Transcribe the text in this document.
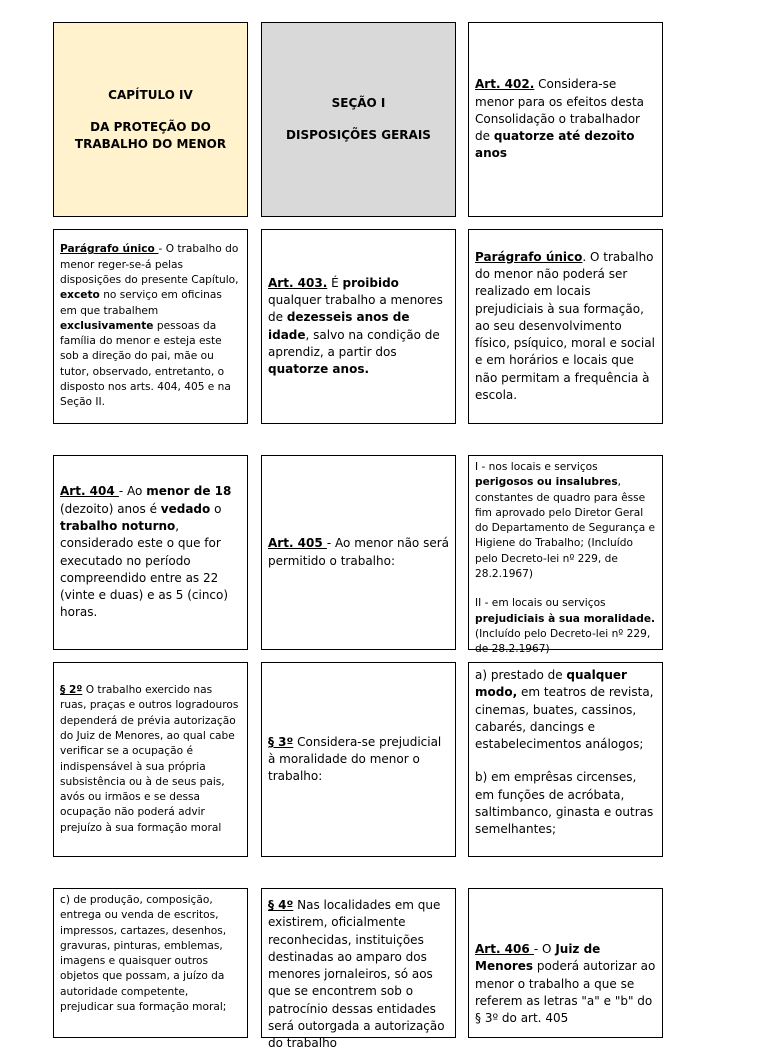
CAPÍTULO IV
DA PROTEÇÃO DO TRABALHO DO MENOR
SEÇÃO I
DISPOSIÇÕES GERAIS

Art. 402. Considera-se menor para os efeitos desta Consolidação o trabalhador de quatorze até dezoito anos

Parágrafo único - O trabalho do menor reger-se-á pelas disposições do presente Capítulo, exceto no serviço em oficinas em que trabalhem exclusivamente pessoas da família do menor e esteja este sob a direção do pai, mãe ou tutor, observado, entretanto, o disposto nos arts. 404, 405 e na Seção II.

Art. 403. É proibido qualquer trabalho a menores de dezesseis anos de idade, salvo na condição de aprendiz, a partir dos quatorze anos.

Parágrafo único. O trabalho do menor não poderá ser realizado em locais prejudiciais à sua formação, ao seu desenvolvimento físico, psíquico, moral e social e em horários e locais que não permitam a frequência à escola.

Art. 404 - Ao menor de 18 (dezoito) anos é vedado o trabalho noturno, considerado este o que for executado no período compreendido entre as 22 (vinte e duas) e as 5 (cinco) horas.

Art. 405 - Ao menor não será permitido o trabalho:

I - nos locais e serviços perigosos ou insalubres, constantes de quadro para êsse fim aprovado pelo Diretor Geral do Departamento de Segurança e Higiene do Trabalho; (Incluído pelo Decreto-lei nº 229, de 28.2.1967)

II - em locais ou serviços prejudiciais à sua moralidade. (Incluído pelo Decreto-lei nº 229, de 28.2.1967)

§ 2º O trabalho exercido nas ruas, praças e outros logradouros dependerá de prévia autorização do Juiz de Menores, ao qual cabe verificar se a ocupação é indispensável à sua própria subsistência ou à de seus pais, avós ou irmãos e se dessa ocupação não poderá advir prejuízo à sua formação moral

§ 3º Considera-se prejudicial à moralidade do menor o trabalho:

a) prestado de qualquer modo, em teatros de revista, cinemas, buates, cassinos, cabarés, dancings e estabelecimentos análogos;

b) em emprêsas circenses, em funções de acróbata, saltimbanco, ginasta e outras semelhantes;

c) de produção, composição, entrega ou venda de escritos, impressos, cartazes, desenhos, gravuras, pinturas, emblemas, imagens e quaisquer outros objetos que possam, a juízo da autoridade competente, prejudicar sua formação moral;

§ 4º Nas localidades em que existirem, oficialmente reconhecidas, instituições destinadas ao amparo dos menores jornaleiros, só aos que se encontrem sob o patrocínio dessas entidades será outorgada a autorização do trabalho

Art. 406 - O Juiz de Menores poderá autorizar ao menor o trabalho a que se referem as letras "a" e "b" do § 3º do art. 405
